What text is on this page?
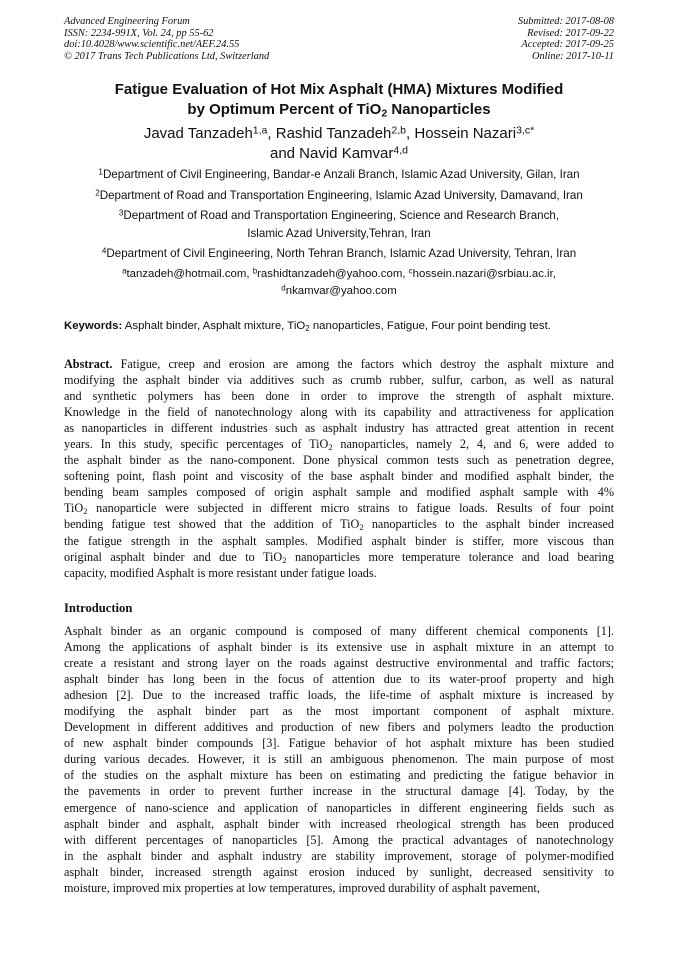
Advanced Engineering Forum
ISSN: 2234-991X, Vol. 24, pp 55-62
doi:10.4028/www.scientific.net/AEF.24.55
© 2017 Trans Tech Publications Ltd, Switzerland
Submitted: 2017-08-08
Revised: 2017-09-22
Accepted: 2017-09-25
Online: 2017-10-11
Fatigue Evaluation of Hot Mix Asphalt (HMA) Mixtures Modified
by Optimum Percent of TiO$_2$ Nanoparticles
Javad Tanzadeh$^{1,a}$, Rashid Tanzadeh$^{2,b}$, Hossein Nazari$^{3,c*}$
and Navid Kamvar$^{4,d}$
$^1$Department of Civil Engineering, Bandar-e Anzali Branch, Islamic Azad University, Gilan, Iran
$^2$Department of Road and Transportation Engineering, Islamic Azad University, Damavand, Iran
$^3$Department of Road and Transportation Engineering, Science and Research Branch,
Islamic Azad University,Tehran, Iran
$^4$Department of Civil Engineering, North Tehran Branch, Islamic Azad University, Tehran, Iran
$^a$tanzadeh@hotmail.com, $^b$rashidtanzadeh@yahoo.com, $^c$hossein.nazari@srbiau.ac.ir,
$^d$nkamvar@yahoo.com
Keywords: Asphalt binder, Asphalt mixture, TiO$_2$ nanoparticles, Fatigue, Four point bending test.
Abstract. Fatigue, creep and erosion are among the factors which destroy the asphalt mixture and
modifying the asphalt binder via additives such as crumb rubber, sulfur, carbon, as well as natural
and synthetic polymers has been done in order to improve the strength of asphalt mixture.
Knowledge in the field of nanotechnology along with its capability and attractiveness for application
as nanoparticles in different industries such as asphalt industry has attracted great attention in recent
years. In this study, specific percentages of TiO$_2$ nanoparticles, namely 2, 4, and 6, were added to
the asphalt binder as the nano-component. Done physical common tests such as penetration degree,
softening point, flash point and viscosity of the base asphalt binder and modified asphalt binder, the
bending beam samples composed of origin asphalt sample and modified asphalt sample with 4%
TiO$_2$ nanoparticle were subjected in different micro strains to fatigue loads. Results of four point
bending fatigue test showed that the addition of TiO$_2$ nanoparticles to the asphalt binder increased
the fatigue strength in the asphalt samples. Modified asphalt binder is stiffer, more viscous than
original asphalt binder and due to TiO$_2$ nanoparticles more temperature tolerance and load bearing
capacity, modified Asphalt is more resistant under fatigue loads.
Introduction
Asphalt binder as an organic compound is composed of many different chemical components [1].
Among the applications of asphalt binder is its extensive use in asphalt mixture in an attempt to
create a resistant and strong layer on the roads against destructive environmental and traffic factors;
asphalt binder has long been in the focus of attention due to its water-proof property and high
adhesion [2]. Due to the increased traffic loads, the life-time of asphalt mixture is increased by
modifying the asphalt binder part as the most important component of asphalt mixture.
Development in different additives and production of new fibers and polymers leadto the production
of new asphalt binder compounds [3]. Fatigue behavior of hot asphalt mixture has been studied
during various decades. However, it is still an ambiguous phenomenon. The main purpose of most
of the studies on the asphalt mixture has been on estimating and predicting the fatigue behavior in
the pavements in order to prevent further increase in the structural damage [4]. Today, by the
emergence of nano-science and application of nanoparticles in different engineering fields such as
asphalt binder and asphalt, asphalt binder with increased rheological strength has been produced
with different percentages of nanoparticles [5]. Among the practical advantages of nanotechnology
in the asphalt binder and asphalt industry are stability improvement, storage of polymer-modified
asphalt binder, increased strength against erosion induced by sunlight, decreased sensitivity to
moisture, improved mix properties at low temperatures, improved durability of asphalt pavement,
